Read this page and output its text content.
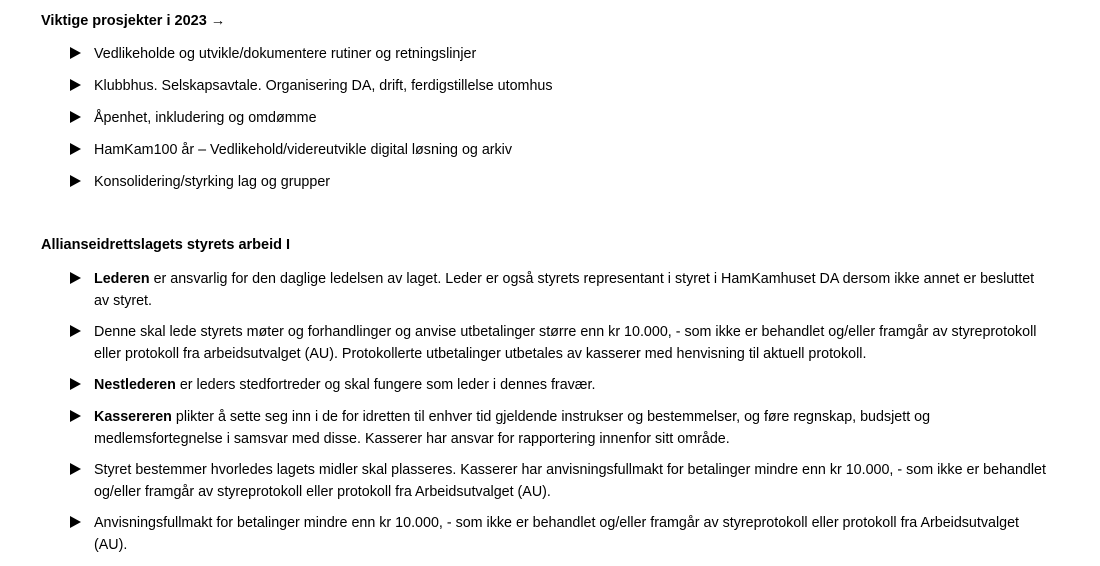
Viktige prosjekter i 2023 →
Vedlikeholde og utvikle/dokumentere rutiner og retningslinjer
Klubbhus. Selskapsavtale. Organisering DA, drift, ferdigstillelse utomhus
Åpenhet, inkludering og omdømme
HamKam100 år – Vedlikehold/videreutvikle digital løsning og arkiv
Konsolidering/styrking lag og grupper
Allianseidrettslagets styrets arbeid I
Lederen er ansvarlig for den daglige ledelsen av laget. Leder er også styrets representant i styret i HamKamhuset DA dersom ikke annet er besluttet av styret.
Denne skal lede styrets møter og forhandlinger og anvise utbetalinger større enn kr 10.000, - som ikke er behandlet og/eller framgår av styreprotokoll eller protokoll fra arbeidsutvalget (AU). Protokollerte utbetalinger utbetales av kasserer med henvisning til aktuell protokoll.
Nestlederen er leders stedfortreder og skal fungere som leder i dennes fravær.
Kassereren plikter å sette seg inn i de for idretten til enhver tid gjeldende instrukser og bestemmelser, og føre regnskap, budsjett og medlemsfortegnelse i samsvar med disse. Kasserer har ansvar for rapportering innenfor sitt område.
Styret bestemmer hvorledes lagets midler skal plasseres. Kasserer har anvisningsfullmakt for betalinger mindre enn kr 10.000, - som ikke er behandlet og/eller framgår av styreprotokoll eller protokoll fra Arbeidsutvalget (AU).
Anvisningsfullmakt for betalinger mindre enn kr 10.000, - som ikke er behandlet og/eller framgår av styreprotokoll eller protokoll fra Arbeidsutvalget (AU).
